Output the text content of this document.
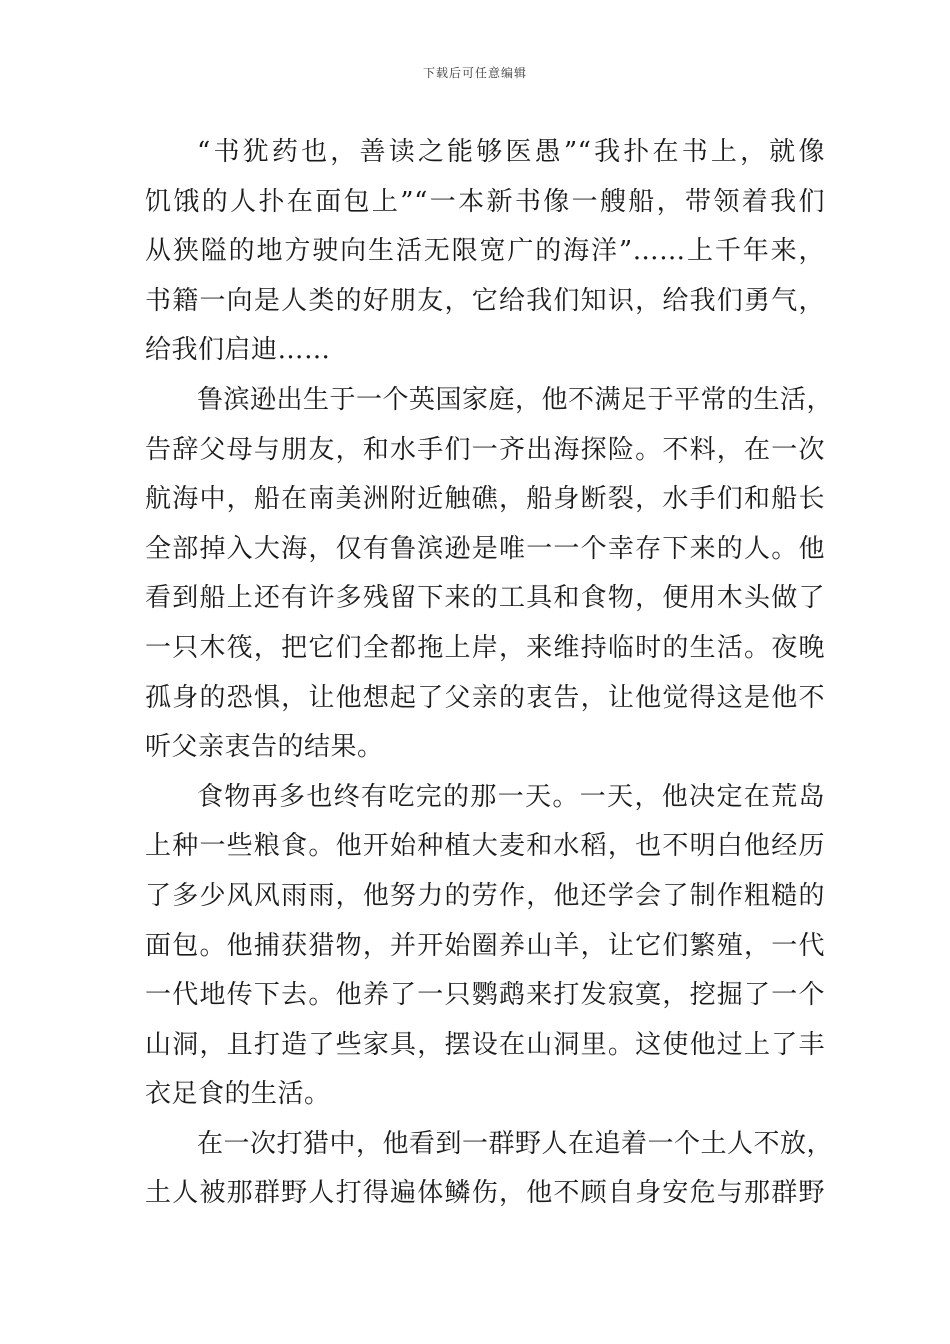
下载后可任意编辑
“书犹药也，善读之能够医愚”“我扑在书上，就像
饥饿的人扑在面包上”“一本新书像一艘船，带领着我们
从狭隘的地方驶向生活无限宽广的海洋”……上千年来，
书籍一向是人类的好朋友，它给我们知识，给我们勇气，
给我们启迪……
鲁滨逊出生于一个英国家庭，他不满足于平常的生活，
告辞父母与朋友，和水手们一齐出海探险。不料，在一次
航海中，船在南美洲附近触礁，船身断裂，水手们和船长
全部掉入大海，仅有鲁滨逊是唯一一个幸存下来的人。他
看到船上还有许多残留下来的工具和食物，便用木头做了
一只木筏，把它们全都拖上岸，来维持临时的生活。夜晚
孤身的恐惧，让他想起了父亲的衷告，让他觉得这是他不
听父亲衷告的结果。
食物再多也终有吃完的那一天。一天，他决定在荒岛
上种一些粮食。他开始种植大麦和水稻，也不明白他经历
了多少风风雨雨，他努力的劳作，他还学会了制作粗糙的
面包。他捕获猎物，并开始圈养山羊，让它们繁殖，一代
一代地传下去。他养了一只鹦鹉来打发寂寞，挖掘了一个
山洞，且打造了些家具，摆设在山洞里。这使他过上了丰
衣足食的生活。
在一次打猎中，他看到一群野人在追着一个土人不放，
土人被那群野人打得遍体鳞伤，他不顾自身安危与那群野
